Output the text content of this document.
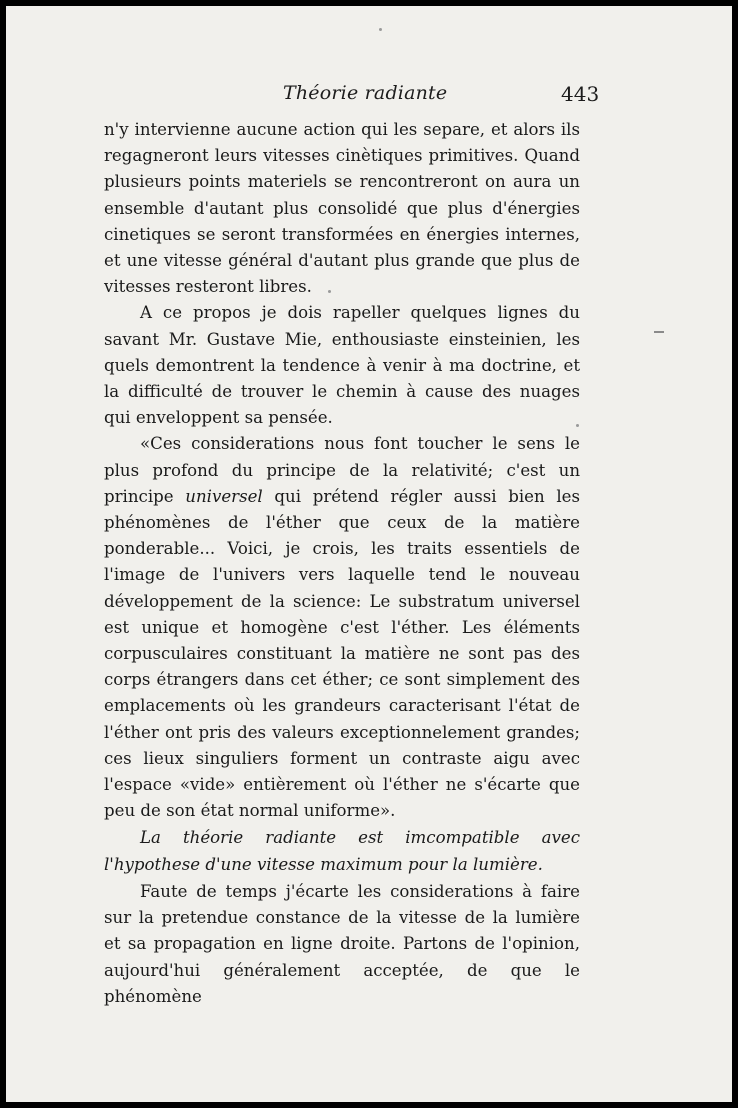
Théorie radiante	443

n'y intervienne aucune action qui les separe, et alors ils regagneront leurs vitesses cinètiques primitives. Quand plusieurs points materiels se rencontreront on aura un ensemble d'autant plus consolidé que plus d'énergies cinetiques se seront transformées en énergies internes, et une vitesse général d'autant plus grande que plus de vitesses resteront libres.

A ce propos je dois rapeller quelques lignes du savant Mr. Gustave Mie, enthousiaste einsteinien, les quels demontrent la tendence à venir à ma doctrine, et la difficulté de trouver le chemin à cause des nuages qui enveloppent sa pensée.

«Ces considerations nous font toucher le sens le plus profond du principe de la relativité; c'est un principe universel qui prétend régler aussi bien les phénomènes de l'éther que ceux de la matière ponderable... Voici, je crois, les traits essentiels de l'image de l'univers vers laquelle tend le nouveau développement de la science: Le substratum universel est unique et homogène c'est l'éther. Les éléments corpusculaires constituant la matière ne sont pas des corps étrangers dans cet éther; ce sont simplement des emplacements où les grandeurs caracterisant l'état de l'éther ont pris des valeurs exceptionnelement grandes; ces lieux singuliers forment un contraste aigu avec l'espace «vide» entièrement où l'éther ne s'écarte que peu de son état normal uniforme».

La théorie radiante est imcompatible avec l'hypothese d'une vitesse maximum pour la lumière.

Faute de temps j'écarte les considerations à faire sur la pretendue constance de la vitesse de la lumière et sa propagation en ligne droite. Partons de l'opinion, aujourd'hui généralement acceptée, de que le phénomène
